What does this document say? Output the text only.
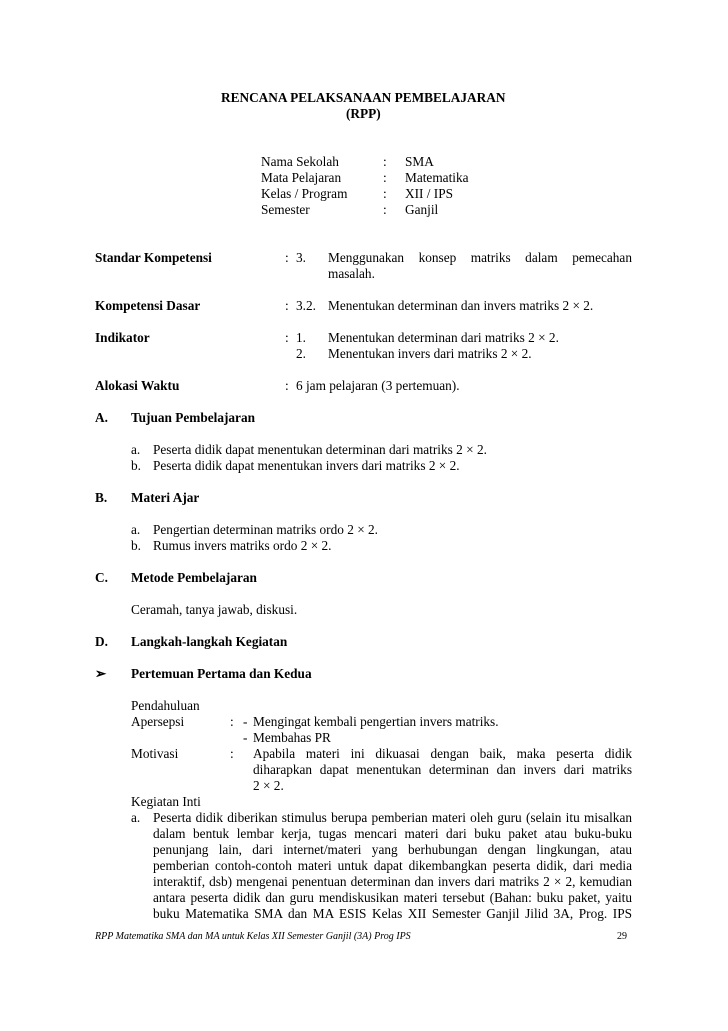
RENCANA PELAKSANAAN PEMBELAJARAN
(RPP)
Nama Sekolah	: SMA
Mata Pelajaran	: Matematika
Kelas / Program	: XII / IPS
Semester	: Ganjil
Standar Kompetensi	: 3. Menggunakan konsep matriks dalam pemecahan
masalah.
Kompetensi Dasar	: 3.2. Menentukan determinan dan invers matriks 2 × 2.
Indikator	: 1. Menentukan determinan dari matriks 2 × 2.
2. Menentukan invers dari matriks 2 × 2.
Alokasi Waktu	: 6 jam pelajaran (3 pertemuan).
A. Tujuan Pembelajaran
a. Peserta didik dapat menentukan determinan dari matriks 2 × 2.
b. Peserta didik dapat menentukan invers dari matriks 2 × 2.
B. Materi Ajar
a. Pengertian determinan matriks ordo 2 × 2.
b. Rumus invers matriks ordo 2 × 2.
C. Metode Pembelajaran
Ceramah, tanya jawab, diskusi.
D. Langkah-langkah Kegiatan
➢ Pertemuan Pertama dan Kedua
Pendahuluan
Apersepsi	: - Mengingat kembali pengertian invers matriks.
- Membahas PR
Motivasi	: Apabila materi ini dikuasai dengan baik, maka peserta didik
diharapkan dapat menentukan determinan dan invers dari matriks
2 × 2.
Kegiatan Inti
a. Peserta didik diberikan stimulus berupa pemberian materi oleh guru (selain itu misalkan
dalam bentuk lembar kerja, tugas mencari materi dari buku paket atau buku-buku
penunjang lain, dari internet/materi yang berhubungan dengan lingkungan, atau
pemberian contoh-contoh materi untuk dapat dikembangkan peserta didik, dari media
interaktif, dsb) mengenai penentuan determinan dan invers dari matriks 2 × 2, kemudian
antara peserta didik dan guru mendiskusikan materi tersebut (Bahan: buku paket, yaitu
buku Matematika SMA dan MA ESIS Kelas XII Semester Ganjil Jilid 3A, Prog. IPS
RPP Matematika SMA dan MA untuk Kelas XII Semester Ganjil (3A) Prog IPS	29
